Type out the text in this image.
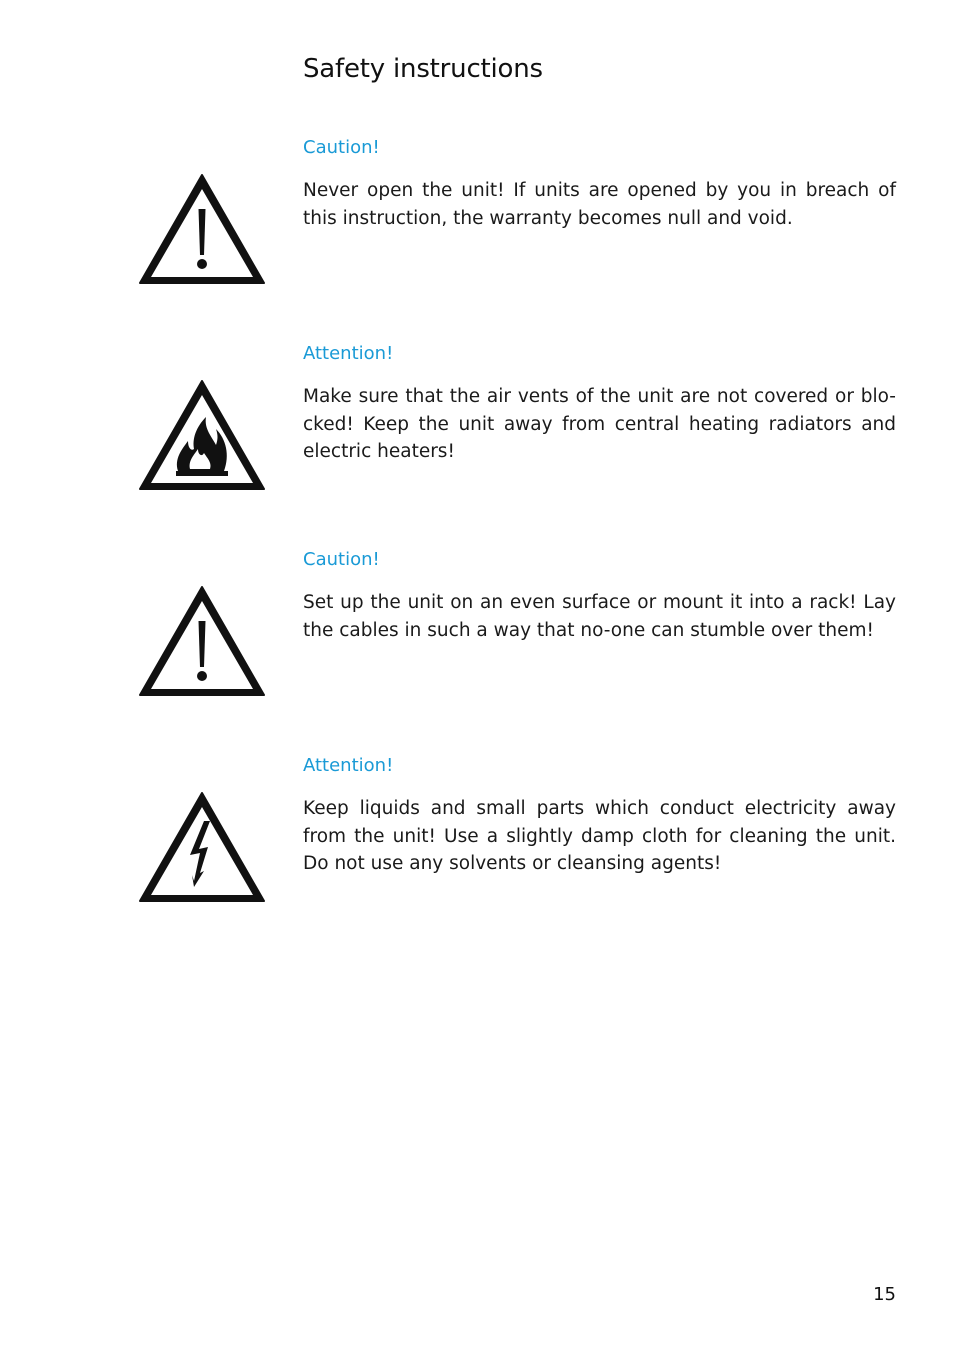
Safety instructions
Caution!

Never open the unit! If units are opened by you in breach of this instruction, the warranty becomes null and void.

Attention!

Make sure that the air vents of the unit are not covered or blo-cked! Keep the unit away from central heating radiators and electric heaters!

Caution!

Set up the unit on an even surface or mount it into a rack! Lay the cables in such a way that no-one can stumble over them!

Attention!

Keep liquids and small parts which conduct electricity away from the unit! Use a slightly damp cloth for cleaning the unit. Do not use any solvents or cleansing agents!

15
